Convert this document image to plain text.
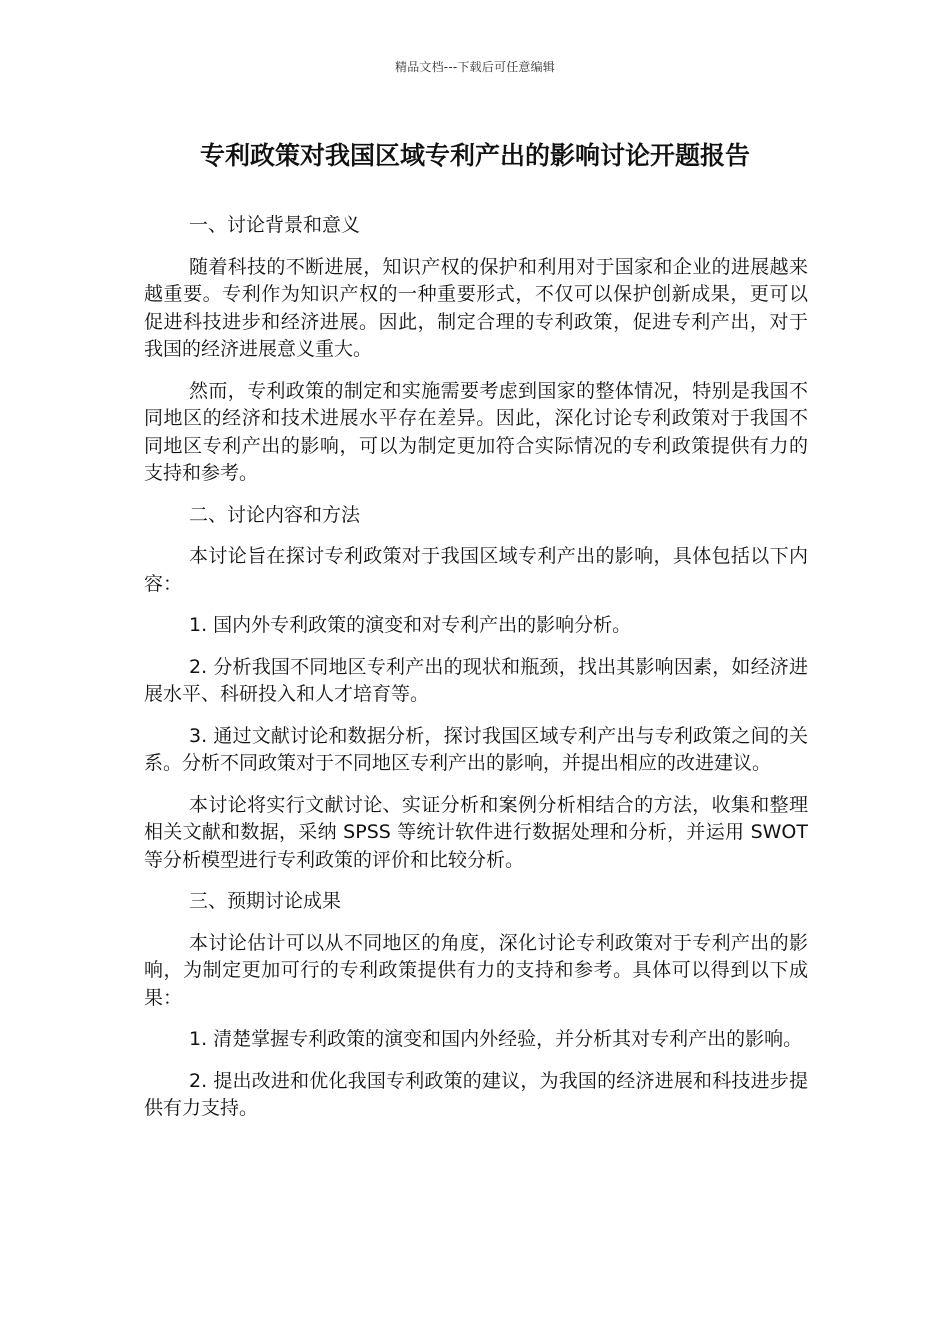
精品文档---下载后可任意编辑
专利政策对我国区域专利产出的影响讨论开题报告

一、讨论背景和意义

随着科技的不断进展，知识产权的保护和利用对于国家和企业的进展越来越重要。专利作为知识产权的一种重要形式，不仅可以保护创新成果，更可以促进科技进步和经济进展。因此，制定合理的专利政策，促进专利产出，对于我国的经济进展意义重大。

然而，专利政策的制定和实施需要考虑到国家的整体情况，特别是我国不同地区的经济和技术进展水平存在差异。因此，深化讨论专利政策对于我国不同地区专利产出的影响，可以为制定更加符合实际情况的专利政策提供有力的支持和参考。

二、讨论内容和方法

本讨论旨在探讨专利政策对于我国区域专利产出的影响，具体包括以下内容：

1. 国内外专利政策的演变和对专利产出的影响分析。

2. 分析我国不同地区专利产出的现状和瓶颈，找出其影响因素，如经济进展水平、科研投入和人才培育等。

3. 通过文献讨论和数据分析，探讨我国区域专利产出与专利政策之间的关系。分析不同政策对于不同地区专利产出的影响，并提出相应的改进建议。

本讨论将实行文献讨论、实证分析和案例分析相结合的方法，收集和整理相关文献和数据，采纳 SPSS 等统计软件进行数据处理和分析，并运用 SWOT 等分析模型进行专利政策的评价和比较分析。

三、预期讨论成果

本讨论估计可以从不同地区的角度，深化讨论专利政策对于专利产出的影响，为制定更加可行的专利政策提供有力的支持和参考。具体可以得到以下成果：

1. 清楚掌握专利政策的演变和国内外经验，并分析其对专利产出的影响。

2. 提出改进和优化我国专利政策的建议，为我国的经济进展和科技进步提供有力支持。
